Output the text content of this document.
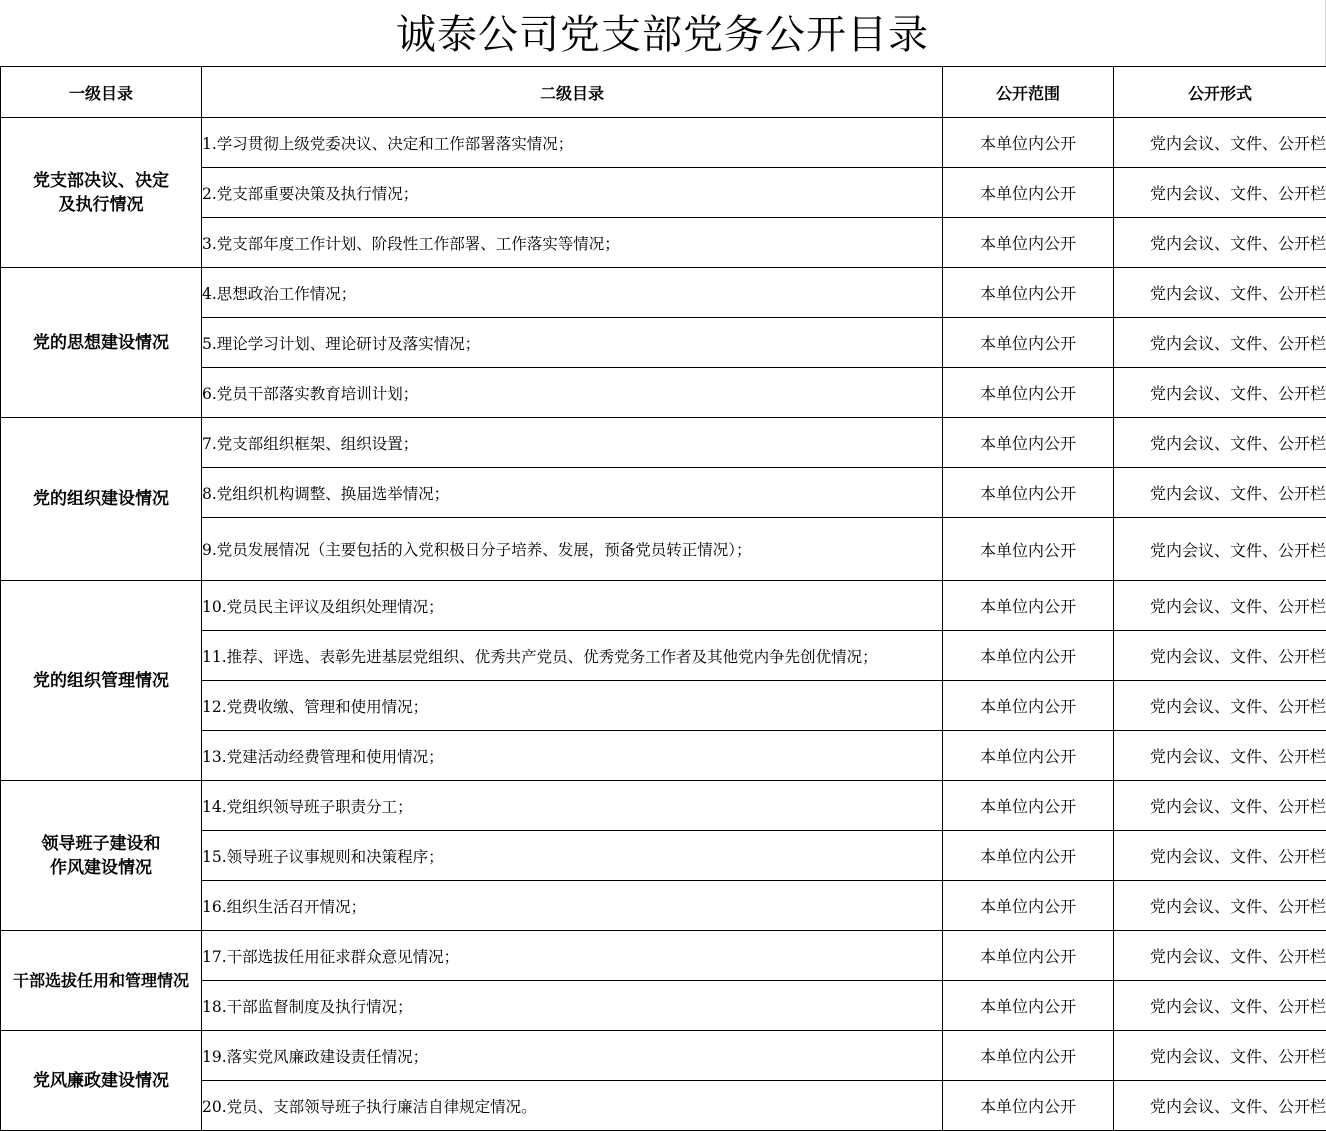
诚泰公司党支部党务公开目录
一级目录	二级目录	公开范围	公开形式

党支部决议、决定
及执行情况	1.学习贯彻上级党委决议、决定和工作部署落实情况；	本单位内公开	党内会议、文件、公开栏
	2.党支部重要决策及执行情况；	本单位内公开	党内会议、文件、公开栏
	3.党支部年度工作计划、阶段性工作部署、工作落实等情况；	本单位内公开	党内会议、文件、公开栏

党的思想建设情况	4.思想政治工作情况；	本单位内公开	党内会议、文件、公开栏
	5.理论学习计划、理论研讨及落实情况；	本单位内公开	党内会议、文件、公开栏
	6.党员干部落实教育培训计划；	本单位内公开	党内会议、文件、公开栏

党的组织建设情况	7.党支部组织框架、组织设置；	本单位内公开	党内会议、文件、公开栏
	8.党组织机构调整、换届选举情况；	本单位内公开	党内会议、文件、公开栏
	9.党员发展情况（主要包括的入党积极日分子培养、发展，预备党员转正情况）；	本单位内公开	党内会议、文件、公开栏

党的组织管理情况	10.党员民主评议及组织处理情况；	本单位内公开	党内会议、文件、公开栏
	11.推荐、评选、表彰先进基层党组织、优秀共产党员、优秀党务工作者及其他党内争先创优情况；	本单位内公开	党内会议、文件、公开栏
	12.党费收缴、管理和使用情况；	本单位内公开	党内会议、文件、公开栏
	13.党建活动经费管理和使用情况；	本单位内公开	党内会议、文件、公开栏

领导班子建设和
作风建设情况	14.党组织领导班子职责分工；	本单位内公开	党内会议、文件、公开栏
	15.领导班子议事规则和决策程序；	本单位内公开	党内会议、文件、公开栏
	16.组织生活召开情况；	本单位内公开	党内会议、文件、公开栏

干部选拔任用和管理情况	17.干部选拔任用征求群众意见情况；	本单位内公开	党内会议、文件、公开栏
	18.干部监督制度及执行情况；	本单位内公开	党内会议、文件、公开栏

党风廉政建设情况	19.落实党风廉政建设责任情况；	本单位内公开	党内会议、文件、公开栏
	20.党员、支部领导班子执行廉洁自律规定情况。	本单位内公开	党内会议、文件、公开栏
